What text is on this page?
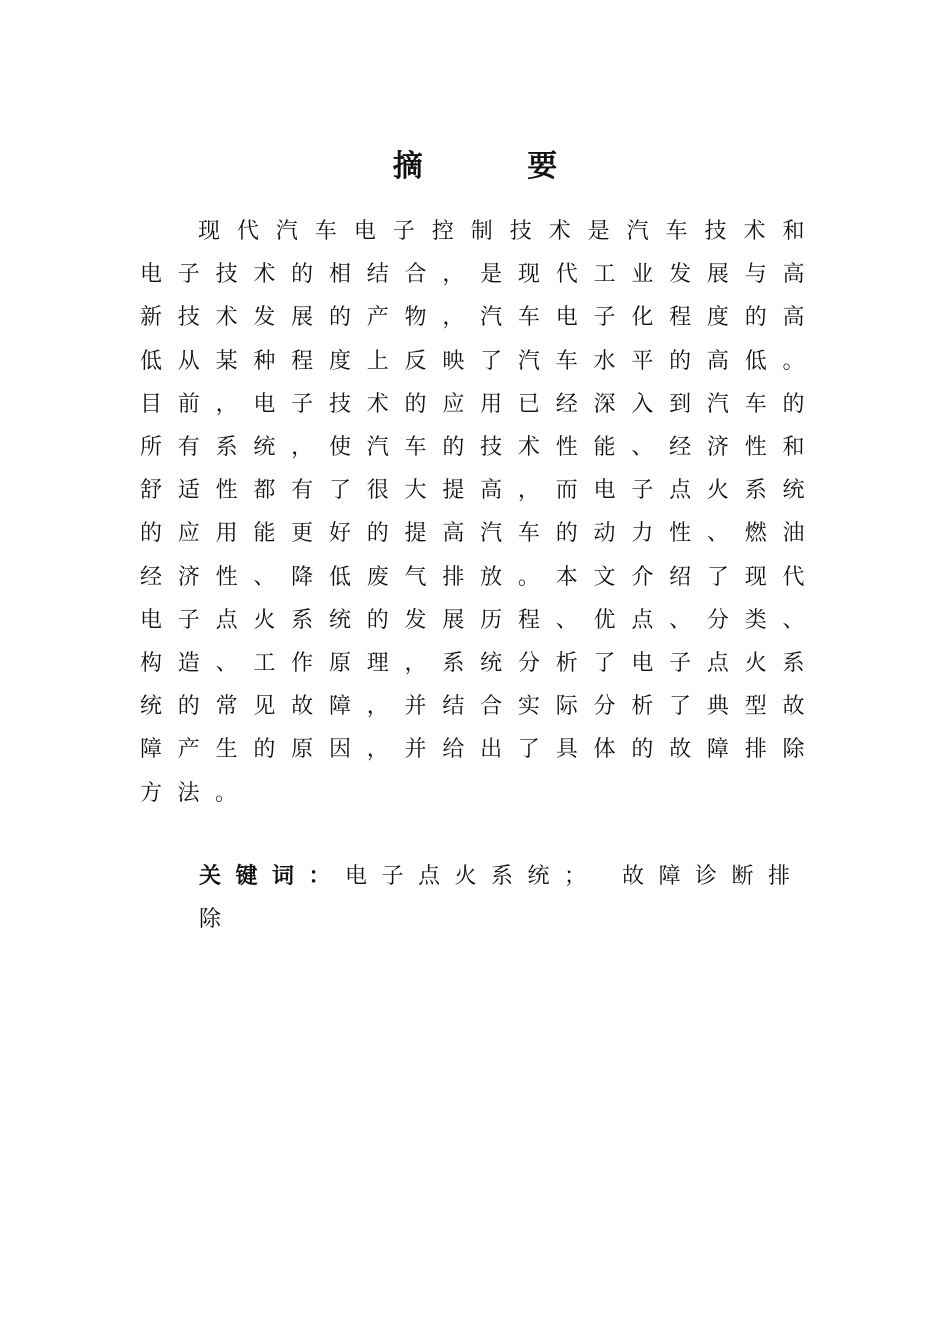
摘          要

现代汽车电子控制技术是汽车技术和电子技术的相结合，是现代工业发展与高新技术发展的产物，汽车电子化程度的高低从某种程度上反映了汽车水平的高低。目前，电子技术的应用已经深入到汽车的所有系统，使汽车的技术性能、经济性和舒适性都有了很大提高，而电子点火系统的应用能更好的提高汽车的动力性、燃油经济性、降低废气排放。本文介绍了现代电子点火系统的发展历程、优点、分类、构造、工作原理，系统分析了电子点火系统的常见故障，并结合实际分析了典型故障产生的原因，并给出了具体的故障排除方法。

关键词：电子点火系统； 故障诊断排除
